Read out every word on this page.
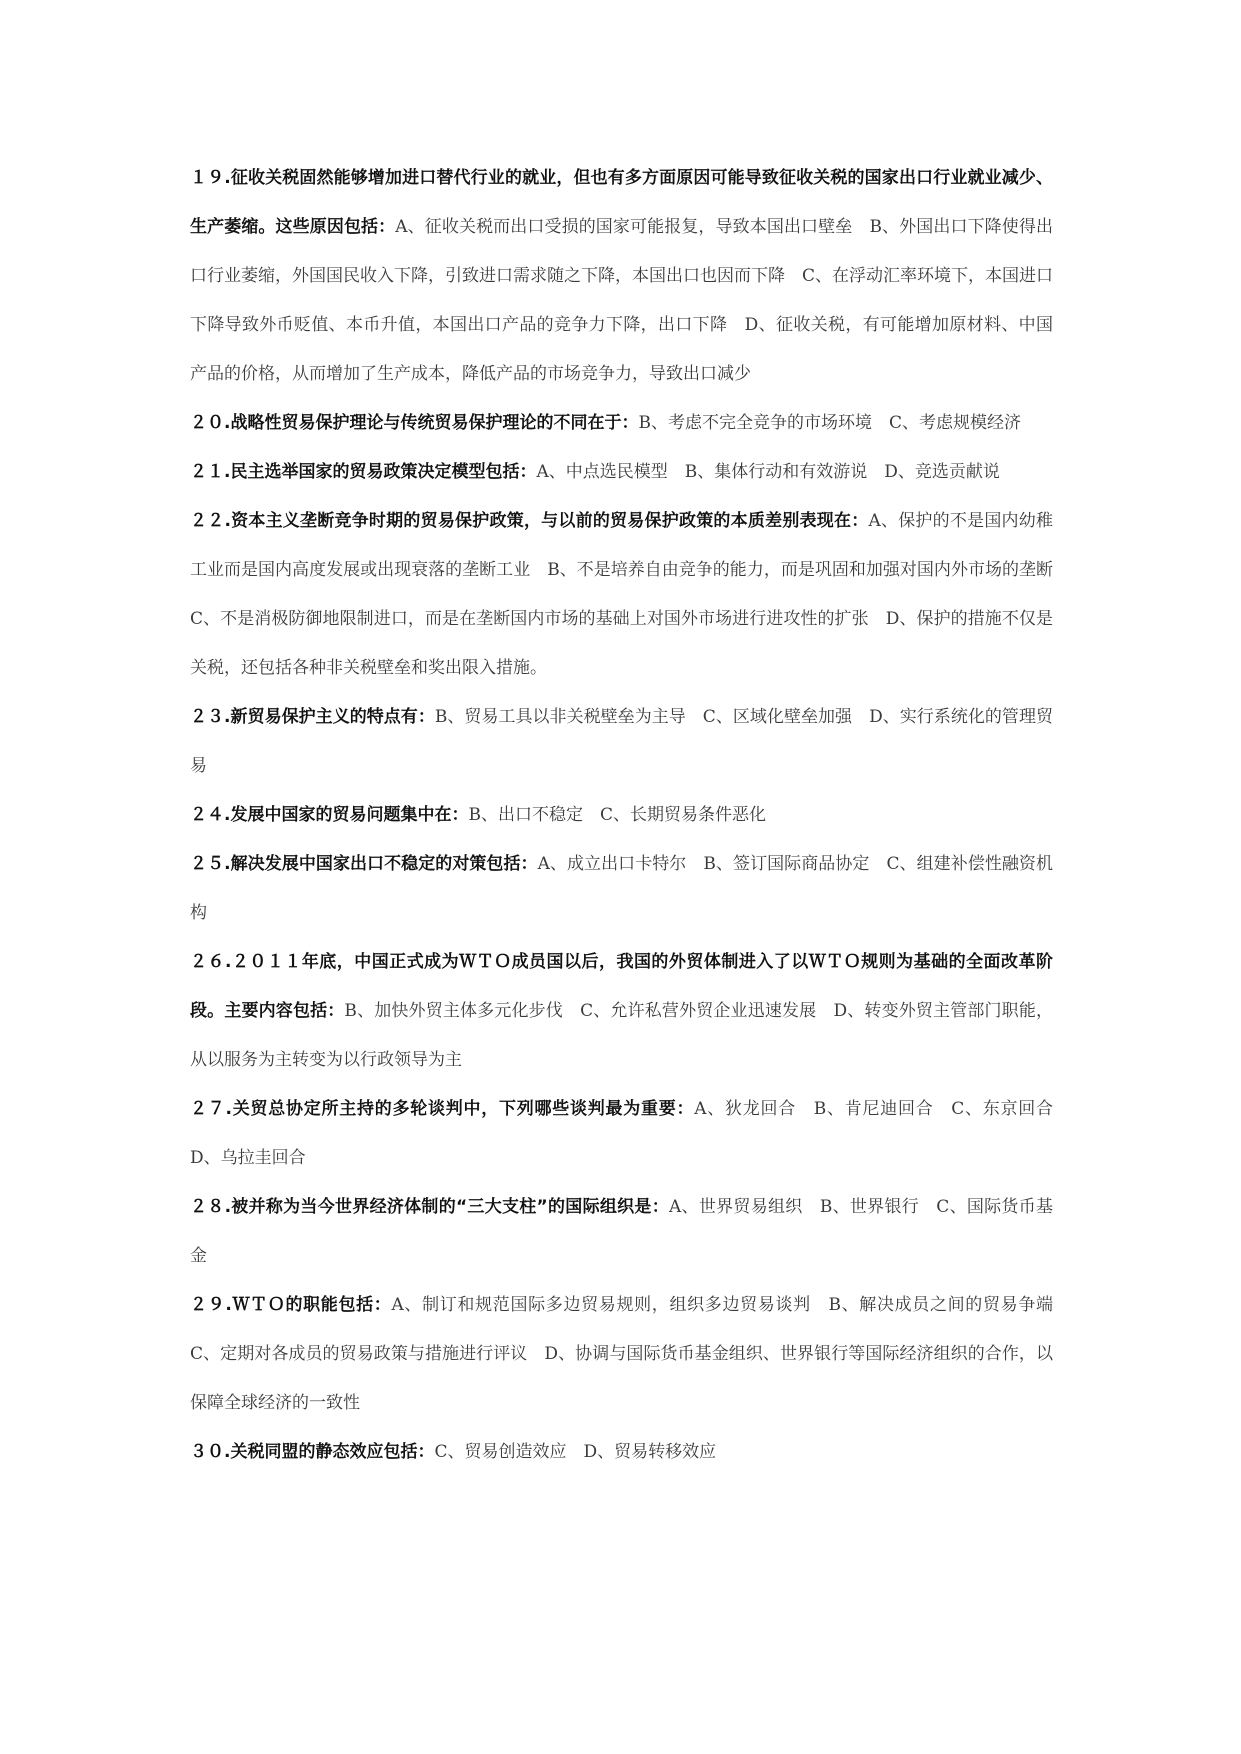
１９.征收关税固然能够增加进口替代行业的就业，但也有多方面原因可能导致征收关税的国家出口行业就业减少、生产萎缩。这些原因包括：A、征收关税而出口受损的国家可能报复，导致本国出口壁垒　B、外国出口下降使得出口行业萎缩，外国国民收入下降，引致进口需求随之下降，本国出口也因而下降　C、在浮动汇率环境下，本国进口下降导致外币贬值、本币升值，本国出口产品的竞争力下降，出口下降　D、征收关税，有可能增加原材料、中国产品的价格，从而增加了生产成本，降低产品的市场竞争力，导致出口减少

２０.战略性贸易保护理论与传统贸易保护理论的不同在于：B、考虑不完全竞争的市场环境　C、考虑规模经济

２１.民主选举国家的贸易政策决定模型包括：A、中点选民模型　B、集体行动和有效游说　D、竞选贡献说

２２.资本主义垄断竞争时期的贸易保护政策，与以前的贸易保护政策的本质差别表现在：A、保护的不是国内幼稚工业而是国内高度发展或出现衰落的垄断工业　B、不是培养自由竞争的能力，而是巩固和加强对国内外市场的垄断　C、不是消极防御地限制进口，而是在垄断国内市场的基础上对国外市场进行进攻性的扩张　D、保护的措施不仅是关税，还包括各种非关税壁垒和奖出限入措施。

２３.新贸易保护主义的特点有：B、贸易工具以非关税壁垒为主导　C、区域化壁垒加强　D、实行系统化的管理贸易

２４.发展中国家的贸易问题集中在：B、出口不稳定　C、长期贸易条件恶化

２５.解决发展中国家出口不稳定的对策包括：A、成立出口卡特尔　B、签订国际商品协定　C、组建补偿性融资机构

２６.２０１１年底，中国正式成为ＷＴＯ成员国以后，我国的外贸体制进入了以ＷＴＯ规则为基础的全面改革阶段。主要内容包括：B、加快外贸主体多元化步伐　C、允许私营外贸企业迅速发展　D、转变外贸主管部门职能，从以服务为主转变为以行政领导为主

２７.关贸总协定所主持的多轮谈判中，下列哪些谈判最为重要：A、狄龙回合　B、肯尼迪回合　C、东京回合　D、乌拉圭回合

２８.被并称为当今世界经济体制的“三大支柱”的国际组织是：A、世界贸易组织　B、世界银行　C、国际货币基金

２９.ＷＴＯ的职能包括：A、制订和规范国际多边贸易规则，组织多边贸易谈判　B、解决成员之间的贸易争端　C、定期对各成员的贸易政策与措施进行评议　D、协调与国际货币基金组织、世界银行等国际经济组织的合作，以保障全球经济的一致性

３０.关税同盟的静态效应包括：C、贸易创造效应　D、贸易转移效应
